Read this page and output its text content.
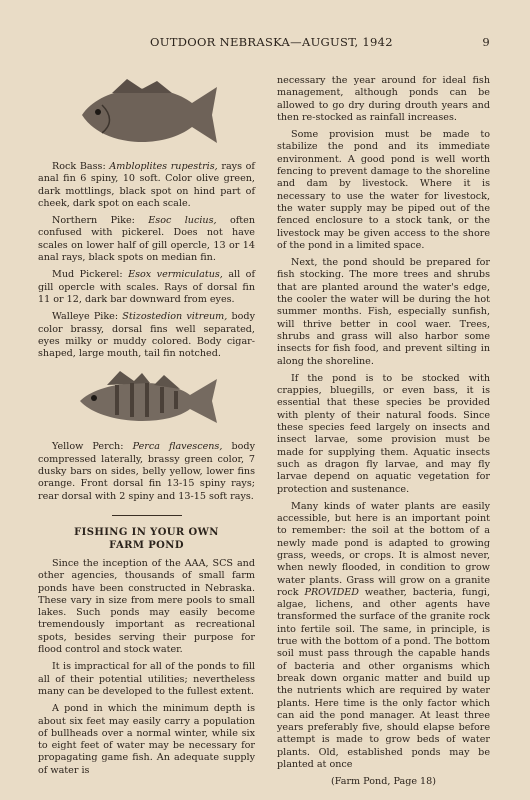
OUTDOOR NEBRASKA—AUGUST, 1942	9

Rock Bass: Ambloplites rupestris, rays of anal fin 6 spiny, 10 soft. Color olive green, dark mottlings, black spot on hind part of cheek, dark spot on each scale.

Northern Pike: Esoc lucius, often confused with pickerel. Does not have scales on lower half of gill opercle, 13 or 14 anal rays, black spots on median fin.

Mud Pickerel: Esox vermiculatus, all of gill opercle with scales. Rays of dorsal fin 11 or 12, dark bar downward from eyes.

Walleye Pike: Stizostedion vitreum, body color brassy, dorsal fins well separated, eyes milky or muddy colored. Body cigar-shaped, large mouth, tail fin notched.

Yellow Perch: Perca flavescens, body compressed laterally, brassy green color, 7 dusky bars on sides, belly yellow, lower fins orange. Front dorsal fin 13-15 spiny rays; rear dorsal with 2 spiny and 13-15 soft rays.

FISHING IN YOUR OWN
FARM POND

Since the inception of the AAA, SCS and other agencies, thousands of small farm ponds have been constructed in Nebraska. These vary in size from mere pools to small lakes. Such ponds may easily become tremendously important as recreational spots, besides serving their purpose for flood control and stock water.

It is impractical for all of the ponds to fill all of their potential utilities; nevertheless many can be developed to the fullest extent.

A pond in which the minimum depth is about six feet may easily carry a population of bullheads over a normal winter, while six to eight feet of water may be necessary for propagating game fish. An adequate supply of water is

necessary the year around for ideal fish management, although ponds can be allowed to go dry during drouth years and then re-stocked as rainfall increases.

Some provision must be made to stabilize the pond and its immediate environment. A good pond is well worth fencing to prevent damage to the shoreline and dam by livestock. Where it is necessary to use the water for livestock, the water supply may be piped out of the fenced enclosure to a stock tank, or the livestock may be given access to the shore of the pond in a limited space.

Next, the pond should be prepared for fish stocking. The more trees and shrubs that are planted around the water's edge, the cooler the water will be during the hot summer months. Fish, especially sunfish, will thrive better in cool waer. Trees, shrubs and grass will also harbor some insects for fish food, and prevent silting in along the shoreline.

If the pond is to be stocked with crappies, bluegills, or even bass, it is essential that these species be provided with plenty of their natural foods. Since these species feed largely on insects and insect larvae, some provision must be made for supplying them. Aquatic insects such as dragon fly larvae, and may fly larvae depend on aquatic vegetation for protection and sustenance.

Many kinds of water plants are easily accessible, but here is an important point to remember: the soil at the bottom of a newly made pond is adapted to growing grass, weeds, or crops. It is almost never, when newly flooded, in condition to grow water plants. Grass will grow on a granite rock PROVIDED weather, bacteria, fungi, algae, lichens, and other agents have transformed the surface of the granite rock into fertile soil. The same, in principle, is true with the bottom of a pond. The bottom soil must pass through the capable hands of bacteria and other organisms which break down organic matter and build up the nutrients which are required by water plants. Here time is the only factor which can aid the pond manager. At least three years preferably five, should elapse before attempt is made to grow beds of water plants. Old, established ponds may be planted at once

(Farm Pond, Page 18)
